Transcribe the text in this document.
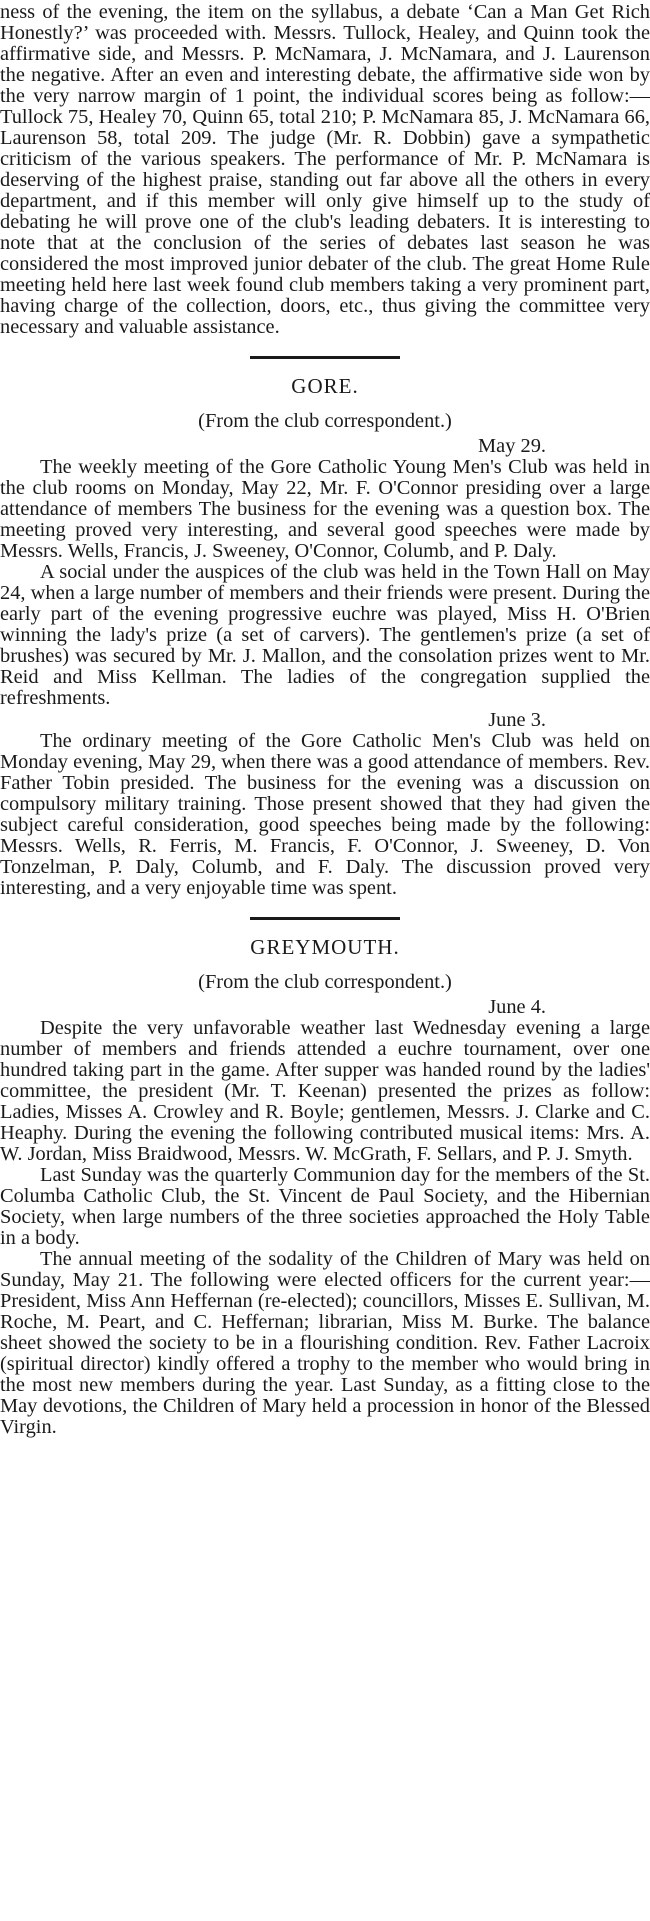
ness of the evening, the item on the syllabus, a debate ‘Can a Man Get Rich Honestly?’ was proceeded with. Messrs. Tullock, Healey, and Quinn took the affirmative side, and Messrs. P. McNamara, J. McNamara, and J. Laurenson the negative. After an even and interesting debate, the affirmative side won by the very narrow margin of 1 point, the individual scores being as follow:—Tullock 75, Healey 70, Quinn 65, total 210; P. McNamara 85, J. McNamara 66, Laurenson 58, total 209. The judge (Mr. R. Dobbin) gave a sympathetic criticism of the various speakers. The performance of Mr. P. McNamara is deserving of the highest praise, standing out far above all the others in every department, and if this member will only give himself up to the study of debating he will prove one of the club's leading debaters. It is interesting to note that at the conclusion of the series of debates last season he was considered the most improved junior debater of the club. The great Home Rule meeting held here last week found club members taking a very prominent part, having charge of the collection, doors, etc., thus giving the committee very necessary and valuable assistance.

GORE.
(From the club correspondent.)
May 29.

The weekly meeting of the Gore Catholic Young Men's Club was held in the club rooms on Monday, May 22, Mr. F. O'Connor presiding over a large attendance of members The business for the evening was a question box. The meeting proved very interesting, and several good speeches were made by Messrs. Wells, Francis, J. Sweeney, O'Connor, Columb, and P. Daly.

A social under the auspices of the club was held in the Town Hall on May 24, when a large number of members and their friends were present. During the early part of the evening progressive euchre was played, Miss H. O'Brien winning the lady's prize (a set of carvers). The gentlemen's prize (a set of brushes) was secured by Mr. J. Mallon, and the consolation prizes went to Mr. Reid and Miss Kellman. The ladies of the congregation supplied the refreshments.

June 3.

The ordinary meeting of the Gore Catholic Men's Club was held on Monday evening, May 29, when there was a good attendance of members. Rev. Father Tobin presided. The business for the evening was a discussion on compulsory military training. Those present showed that they had given the subject careful consideration, good speeches being made by the following: Messrs. Wells, R. Ferris, M. Francis, F. O'Connor, J. Sweeney, D. Von Tonzelman, P. Daly, Columb, and F. Daly. The discussion proved very interesting, and a very enjoyable time was spent.

GREYMOUTH.
(From the club correspondent.)
June 4.

Despite the very unfavorable weather last Wednesday evening a large number of members and friends attended a euchre tournament, over one hundred taking part in the game. After supper was handed round by the ladies' committee, the president (Mr. T. Keenan) presented the prizes as follow: Ladies, Misses A. Crowley and R. Boyle; gentlemen, Messrs. J. Clarke and C. Heaphy. During the evening the following contributed musical items: Mrs. A. W. Jordan, Miss Braidwood, Messrs. W. McGrath, F. Sellars, and P. J. Smyth.

Last Sunday was the quarterly Communion day for the members of the St. Columba Catholic Club, the St. Vincent de Paul Society, and the Hibernian Society, when large numbers of the three societies approached the Holy Table in a body.

The annual meeting of the sodality of the Children of Mary was held on Sunday, May 21. The following were elected officers for the current year:—President, Miss Ann Heffernan (re-elected); councillors, Misses E. Sullivan, M. Roche, M. Peart, and C. Heffernan; librarian, Miss M. Burke. The balance sheet showed the society to be in a flourishing condition. Rev. Father Lacroix (spiritual director) kindly offered a trophy to the member who would bring in the most new members during the year. Last Sunday, as a fitting close to the May devotions, the Children of Mary held a procession in honor of the Blessed Virgin.
